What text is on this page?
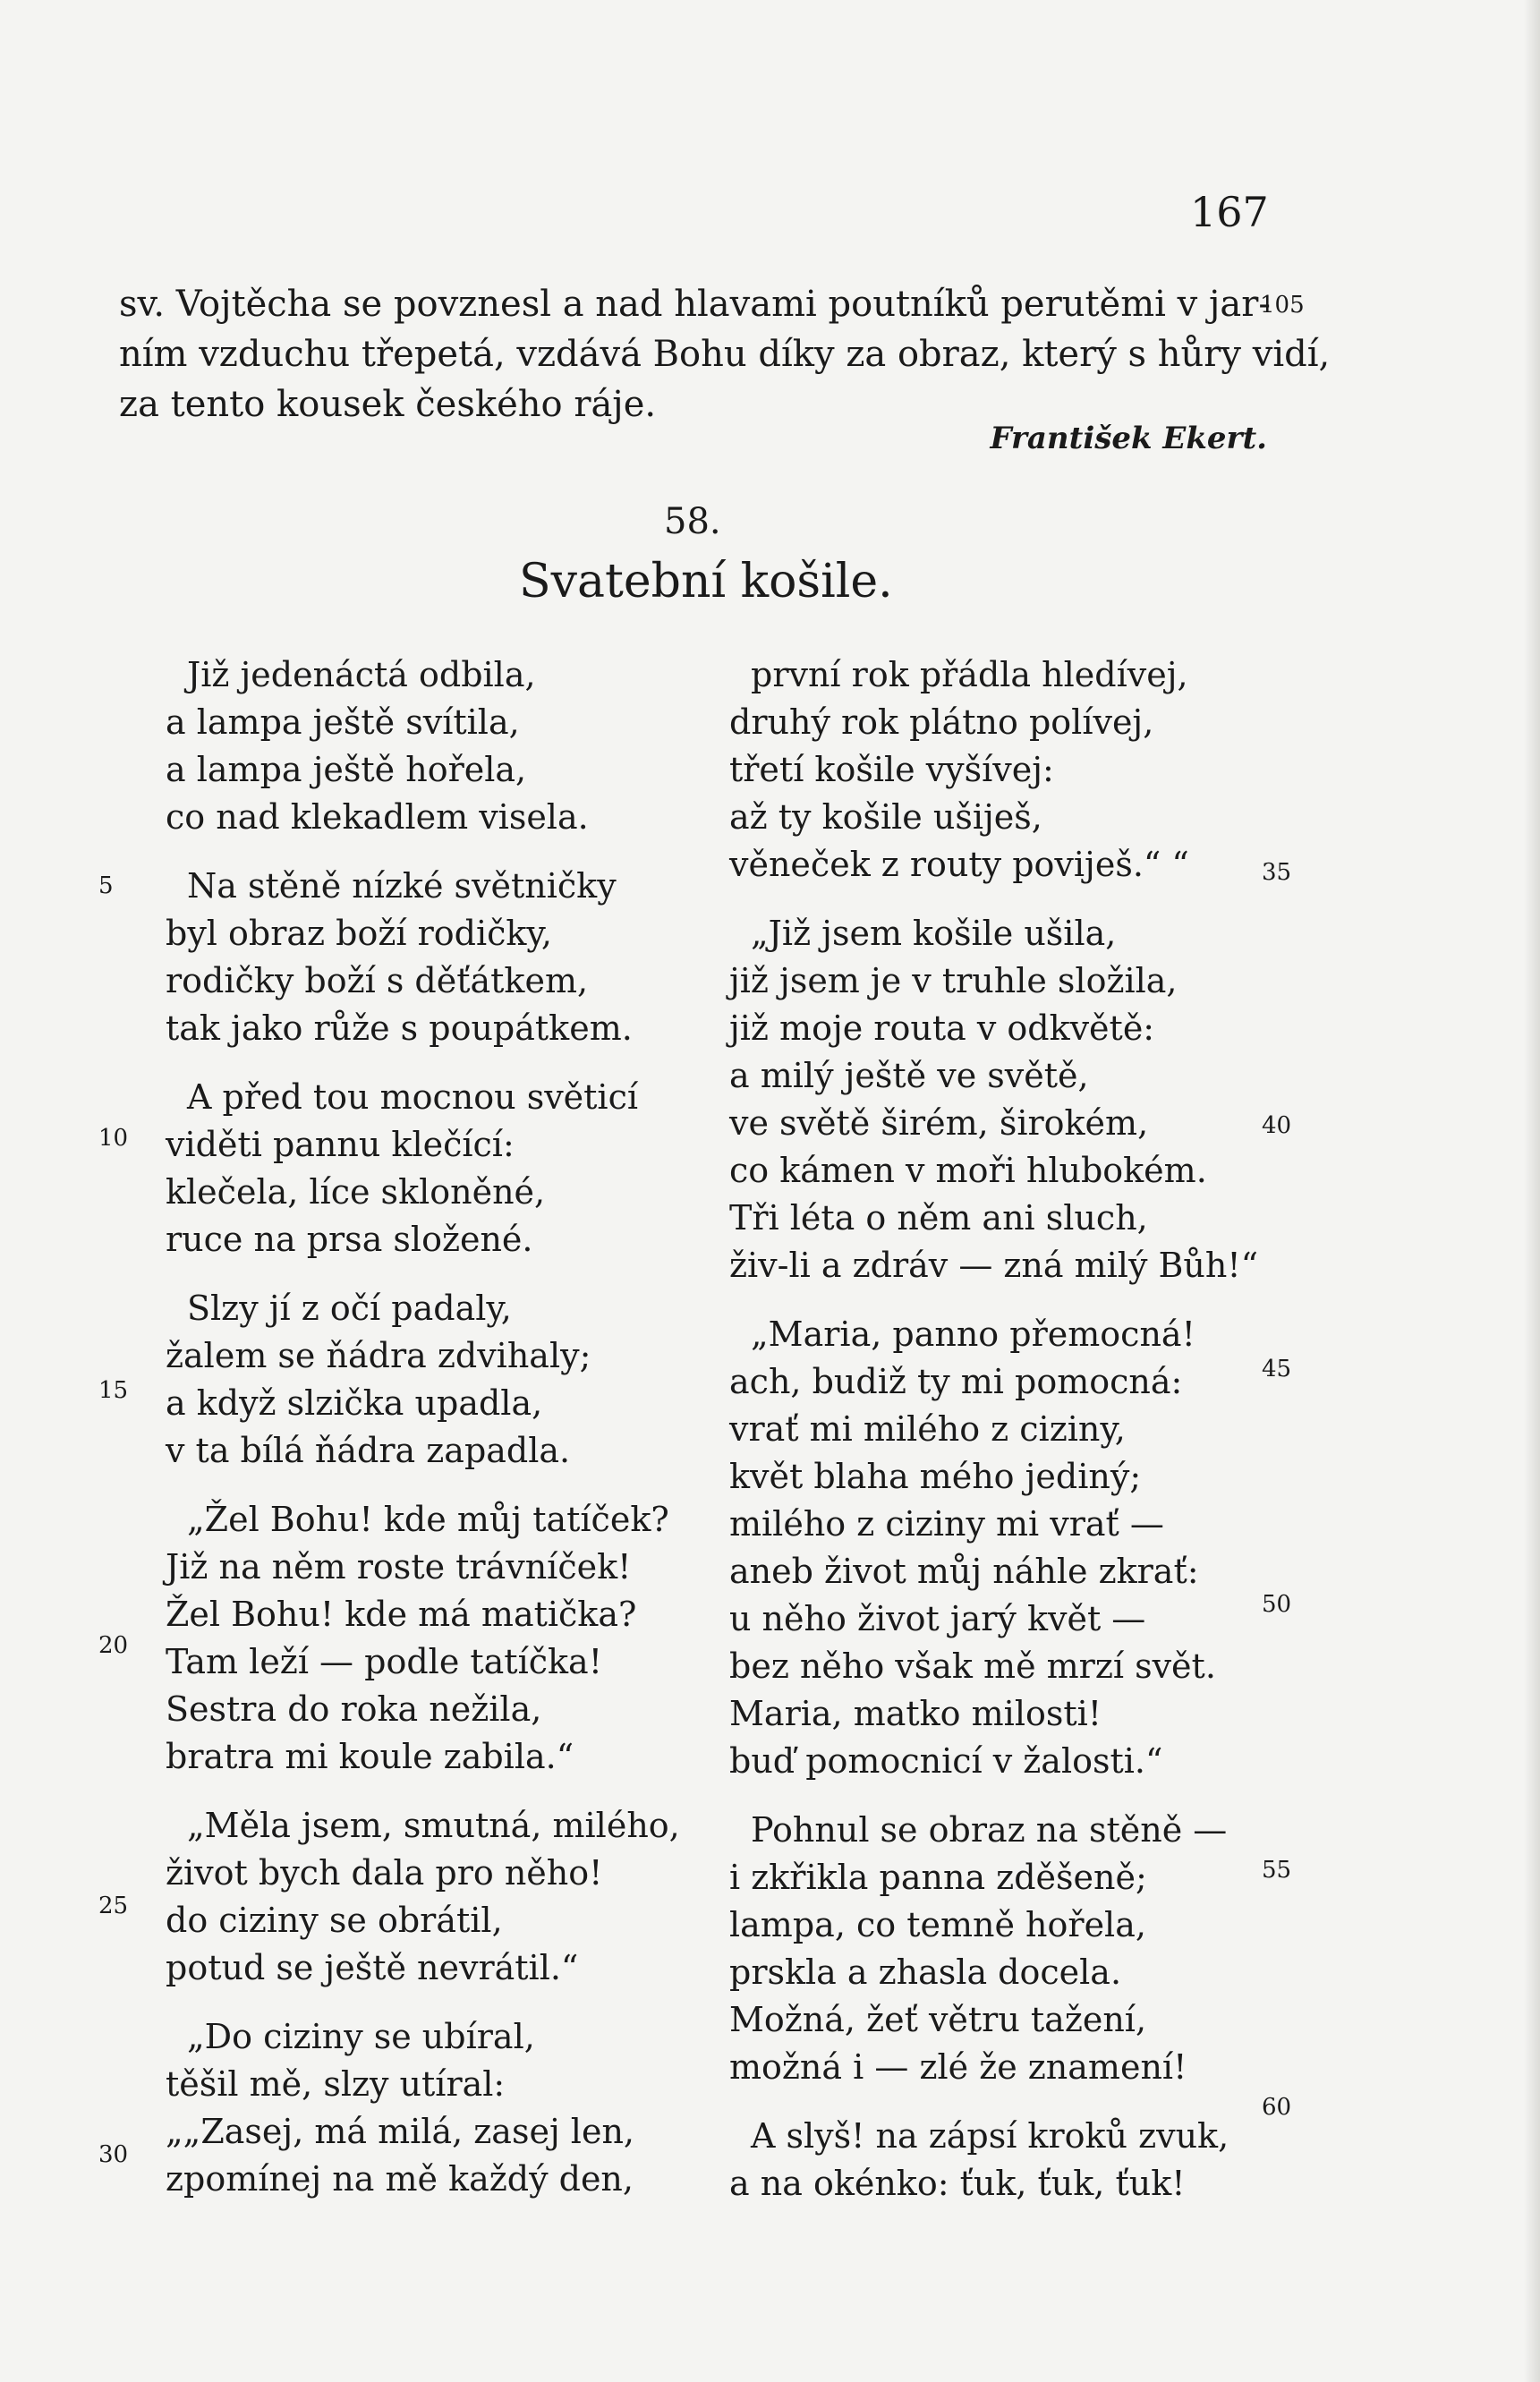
167
sv. Vojtěcha se povznesl a nad hlavami poutníků perutěmi v jar-
ním vzduchu třepetá, vzdává Bohu díky za obraz, který s hůry vidí,
za tento kousek českého ráje.
105
František Ekert.
58.
Svatební košile.
Již jedenáctá odbila,
a lampa ještě svítila,
a lampa ještě hořela,
co nad klekadlem visela.
Na stěně nízké světničky
byl obraz boží rodičky,
rodičky boží s děťátkem,
tak jako růže s poupátkem.
A před tou mocnou světicí
viděti pannu klečící:
klečela, líce skloněné,
ruce na prsa složené.
Slzy jí z očí padaly,
žalem se ňádra zdvihaly;
a když slzička upadla,
v ta bílá ňádra zapadla.
„Žel Bohu! kde můj tatíček?
Již na něm roste trávníček!
Žel Bohu! kde má matička?
Tam leží — podle tatíčka!
Sestra do roka nežila,
bratra mi koule zabila.“
„Měla jsem, smutná, milého,
život bych dala pro něho!
do ciziny se obrátil,
potud se ještě nevrátil.“
„Do ciziny se ubíral,
těšil mě, slzy utíral:
„„Zasej, má milá, zasej len,
zpomínej na mě každý den,
první rok přádla hledívej,
druhý rok plátno polívej,
třetí košile vyšívej:
až ty košile ušiješ,
věneček z routy poviješ.“ “
„Již jsem košile ušila,
již jsem je v truhle složila,
již moje routa v odkvětě:
a milý ještě ve světě,
ve světě širém, širokém,
co kámen v moři hlubokém.
Tři léta o něm ani sluch,
živ-li a zdráv — zná milý Bůh!“
„Maria, panno přemocná!
ach, budiž ty mi pomocná:
vrať mi milého z ciziny,
květ blaha mého jediný;
milého z ciziny mi vrať —
aneb život můj náhle zkrať:
u něho život jarý květ —
bez něho však mě mrzí svět.
Maria, matko milosti!
buď pomocnicí v žalosti.“
Pohnul se obraz na stěně —
i zkřikla panna zděšeně;
lampa, co temně hořela,
prskla a zhasla docela.
Možná, žeť větru tažení,
možná i — zlé že znamení!
A slyš! na zápsí kroků zvuk,
a na okénko: ťuk, ťuk, ťuk!
5
10
15
20
25
30
35
40
45
50
55
60
